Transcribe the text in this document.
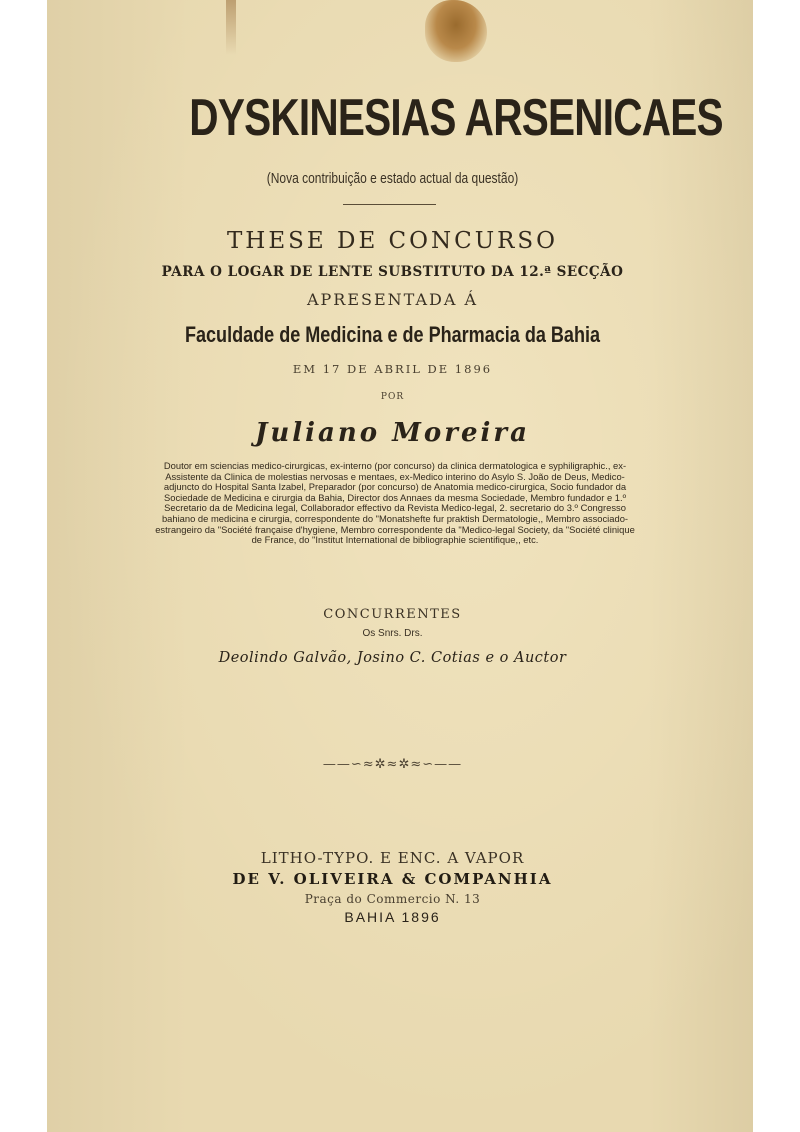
DYSKINESIAS ARSENICAES
(Nova contribuição e estado actual da questão)
THESE DE CONCURSO
PARA O LOGAR DE LENTE SUBSTITUTO DA 12.ª SECÇÃO
APRESENTADA Á
Faculdade de Medicina e de Pharmacia da Bahia
EM 17 DE ABRIL DE 1896
POR
Juliano Moreira
Doutor em sciencias medico-cirurgicas, ex-interno (por concurso) da clinica dermatologica e syphiligraphic., ex-Assistente da Clinica de molestias nervosas e mentaes, ex-Medico interino do Asylo S. João de Deus, Medico-adjuncto do Hospital Santa Izabel, Preparador (por concurso) de Anatomia medico-cirurgica, Socio fundador da Sociedade de Medicina e cirurgia da Bahia, Director dos Annaes da mesma Sociedade, Membro fundador e 1.º Secretario da de Medicina legal, Collaborador effectivo da Revista Medico-legal, 2. secretario do 3.º Congresso bahiano de medicina e cirurgia, correspondente do "Monatshefte fur praktish Dermatologie,, Membro associado-estrangeiro da "Société française d'hygiene, Membro correspondente da "Medico-legal Society, da "Société clinique de France, do "Institut International de bibliographie scientifique,, etc.
CONCURRENTES
Os Snrs. Drs.
Deolindo Galvão, Josino C. Cotias e o Auctor
——∽≈✲≈✲≈∽——
LITHO-TYPO. E ENC. A VAPOR
DE V. OLIVEIRA & COMPANHIA
Praça do Commercio N. 13
BAHIA 1896
